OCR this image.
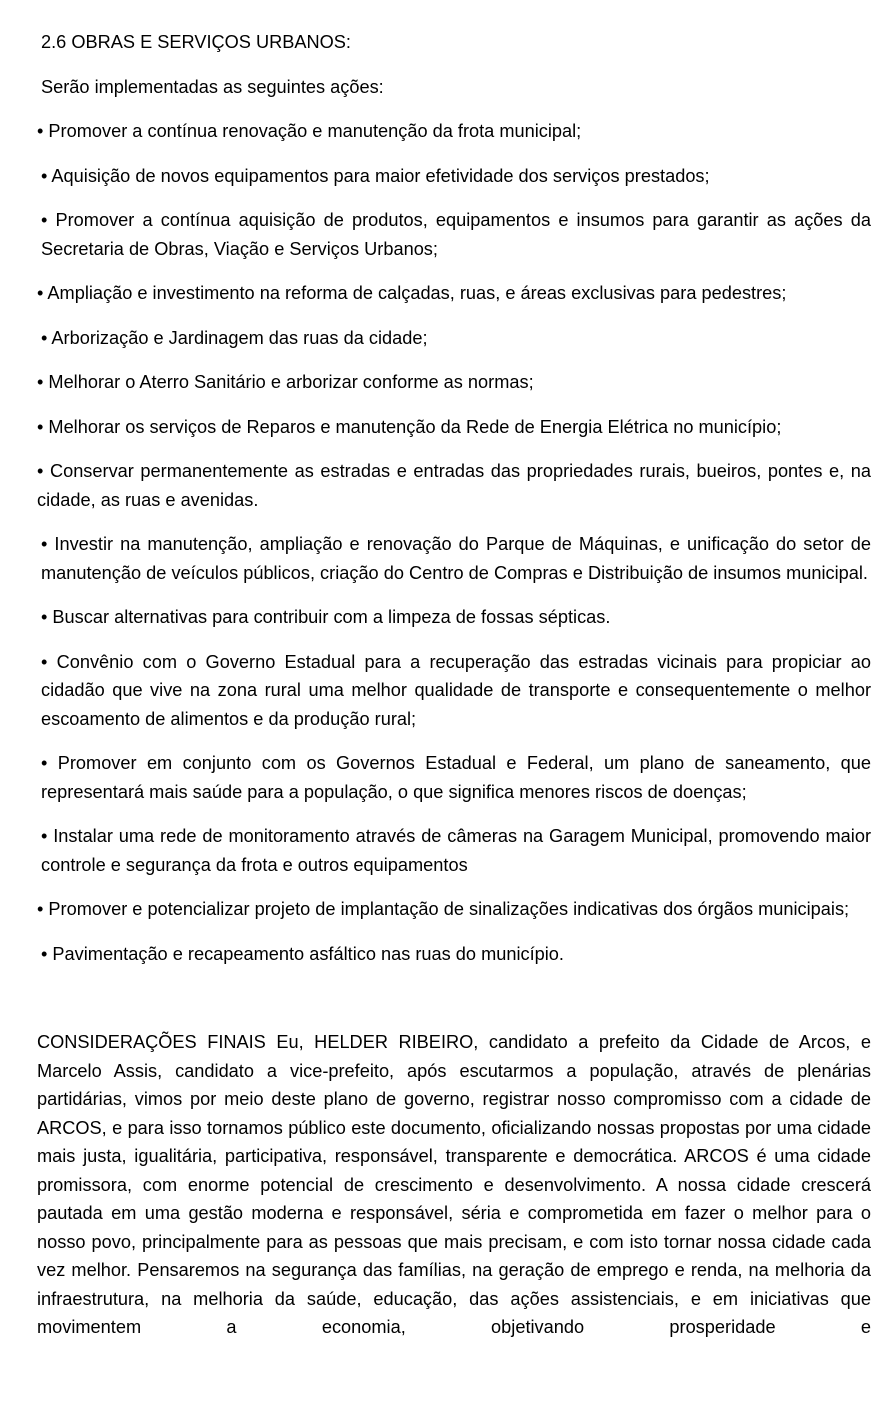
2.6 OBRAS E SERVIÇOS URBANOS:

Serão implementadas as seguintes ações:

• Promover a contínua renovação e manutenção da frota municipal;

• Aquisição de novos equipamentos para maior efetividade dos serviços prestados;

• Promover a contínua aquisição de produtos, equipamentos e insumos para garantir as ações da Secretaria de Obras, Viação e Serviços Urbanos;

• Ampliação e investimento na reforma de calçadas, ruas, e áreas exclusivas para pedestres;

• Arborização e Jardinagem das ruas da cidade;

• Melhorar o Aterro Sanitário e arborizar conforme as normas;

• Melhorar os serviços de Reparos e manutenção da Rede de Energia Elétrica no município;

• Conservar permanentemente as estradas e entradas das propriedades rurais, bueiros, pontes e, na cidade, as ruas e avenidas.

• Investir na manutenção, ampliação e renovação do Parque de Máquinas, e unificação do setor de manutenção de veículos públicos, criação do Centro de Compras e Distribuição de insumos municipal.

• Buscar alternativas para contribuir com a limpeza de fossas sépticas.

• Convênio com o Governo Estadual para a recuperação das estradas vicinais para propiciar ao cidadão que vive na zona rural uma melhor qualidade de transporte e consequentemente o melhor escoamento de alimentos e da produção rural;

• Promover em conjunto com os Governos Estadual e Federal, um plano de saneamento, que representará mais saúde para a população, o que significa menores riscos de doenças;

• Instalar uma rede de monitoramento através de câmeras na Garagem Municipal, promovendo maior controle e segurança da frota e outros equipamentos

• Promover e potencializar projeto de implantação de sinalizações indicativas dos órgãos municipais;

• Pavimentação e recapeamento asfáltico nas ruas do município.

CONSIDERAÇÕES FINAIS Eu, HELDER RIBEIRO, candidato a prefeito da Cidade de Arcos, e Marcelo Assis, candidato a vice-prefeito, após escutarmos a população, através de plenárias partidárias, vimos por meio deste plano de governo, registrar nosso compromisso com a cidade de ARCOS, e para isso tornamos público este documento, oficializando nossas propostas por uma cidade mais justa, igualitária, participativa, responsável, transparente e democrática. ARCOS é uma cidade promissora, com enorme potencial de crescimento e desenvolvimento. A nossa cidade crescerá pautada em uma gestão moderna e responsável, séria e comprometida em fazer o melhor para o nosso povo, principalmente para as pessoas que mais precisam, e com isto tornar nossa cidade cada vez melhor. Pensaremos na segurança das famílias, na geração de emprego e renda, na melhoria da infraestrutura, na melhoria da saúde, educação, das ações assistenciais, e em iniciativas que movimentem a economia, objetivando prosperidade e
